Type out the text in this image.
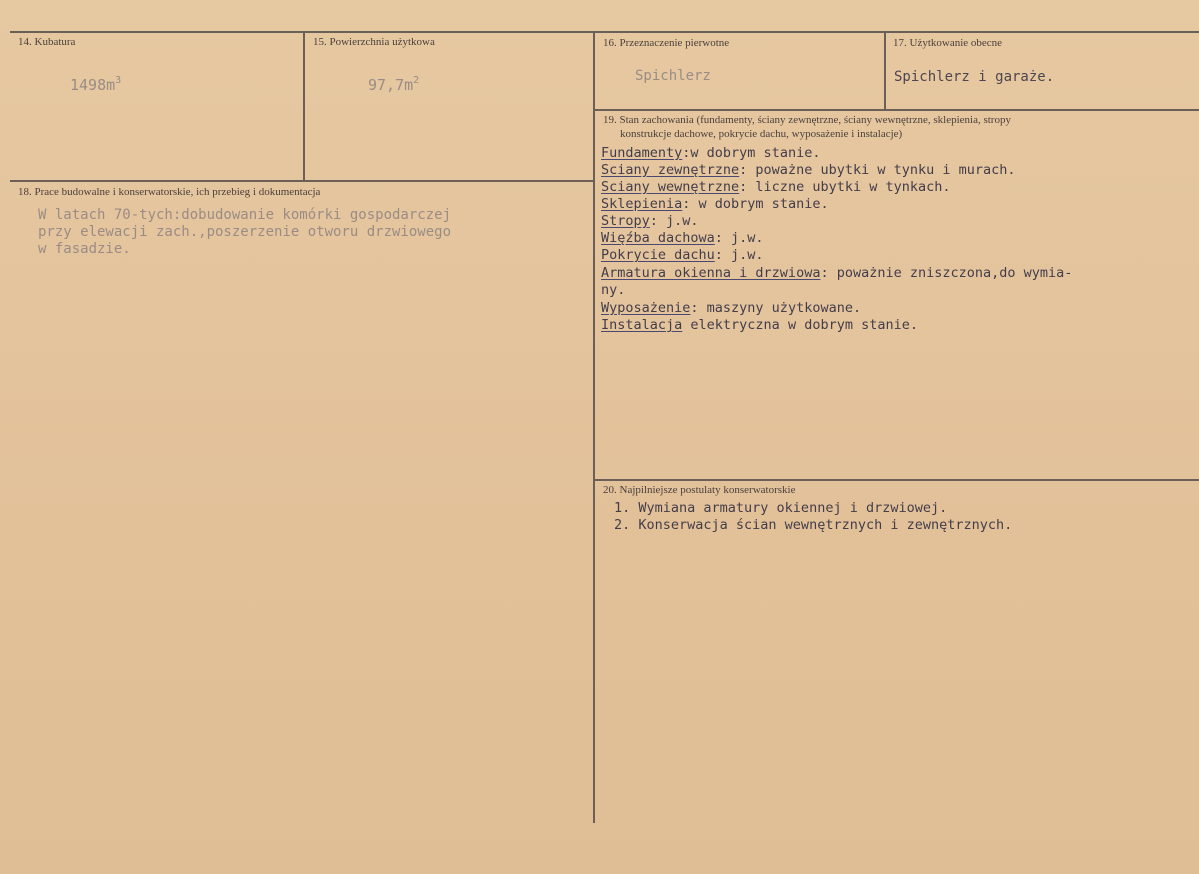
14. Kubatura
$1498m^3$
15. Powierzchnia użytkowa
$97,7m^2$
16. Przeznaczenie pierwotne
Spichlerz
17. Użytkowanie obecne
Spichlerz i garaże.
18. Prace budowalne i konserwatorskie, ich przebieg i dokumentacja
W latach 70-tych:dobudowanie komórki gospodarczej
przy elewacji zach.,poszerzenie otworu drzwiowego
w fasadzie.
19. Stan zachowania (fundamenty, ściany zewnętrzne, ściany wewnętrzne, sklepienia, stropy
konstrukcje dachowe, pokrycie dachu, wyposażenie i instalacje)
Fundamenty:w dobrym stanie.
Sciany zewnętrzne: poważne ubytki w tynku i murach.
Sciany wewnętrzne: liczne ubytki w tynkach.
Sklepienia: w dobrym stanie.
Stropy: j.w.
Więźba dachowa: j.w.
Pokrycie dachu: j.w.
Armatura okienna i drzwiowa: poważnie zniszczona,do wymia-
ny.
Wyposażenie: maszyny użytkowane.
Instalacja elektryczna w dobrym stanie.
20. Najpilniejsze postulaty konserwatorskie
1. Wymiana armatury okiennej i drzwiowej.
2. Konserwacja ścian wewnętrznych i zewnętrznych.
